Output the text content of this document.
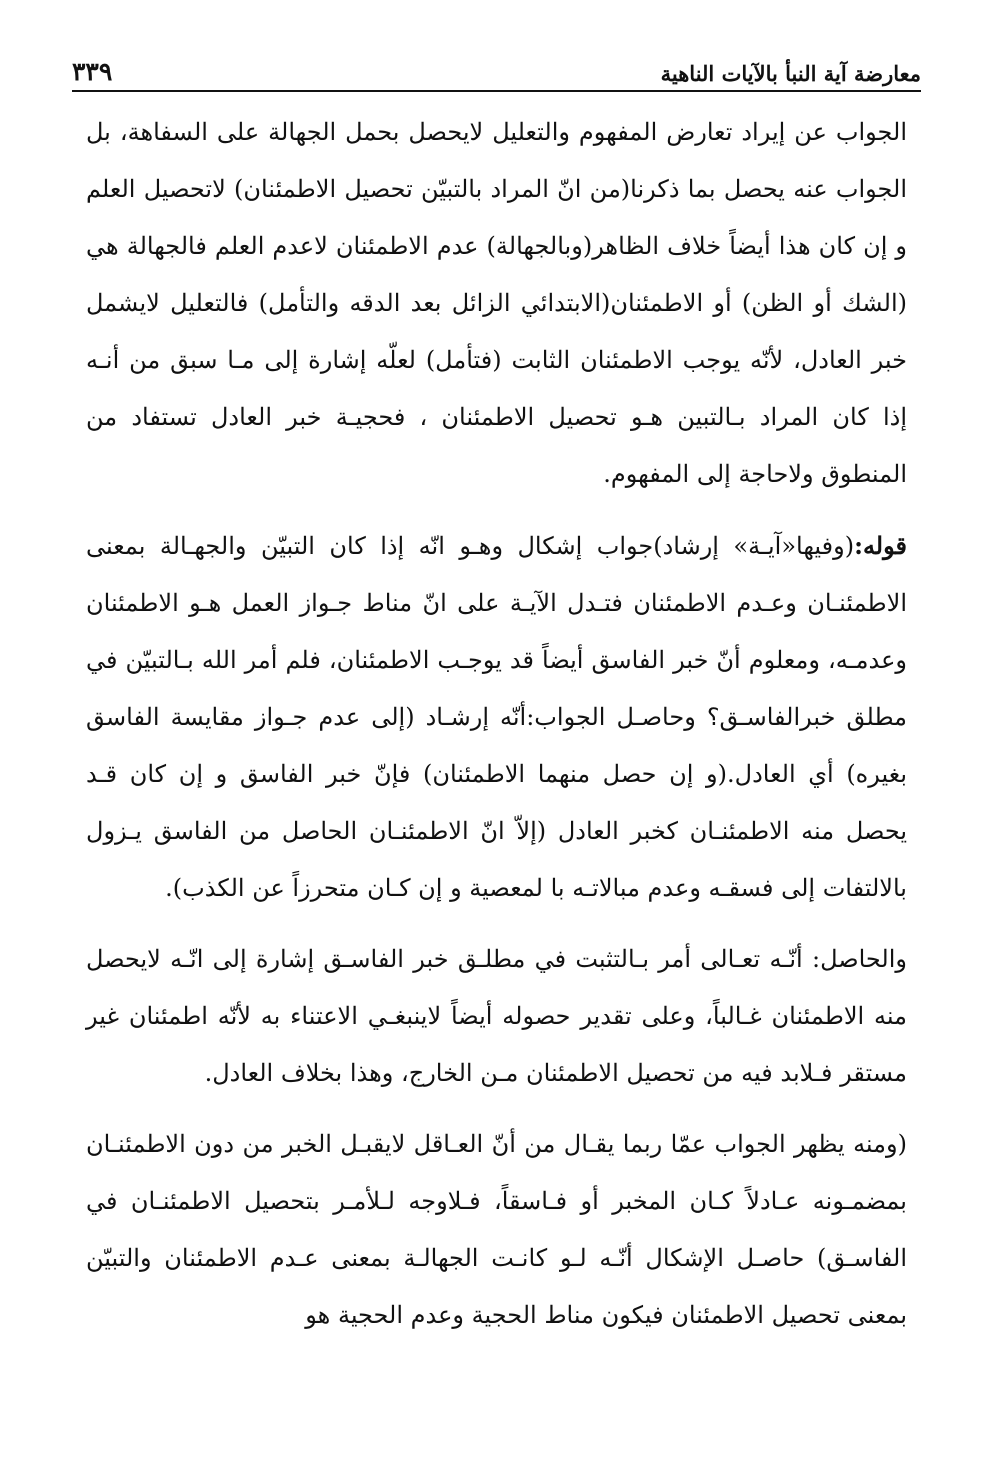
معارضة آية النبأ بالآيات الناهية
٣٣٩

الجواب عن إيراد تعارض المفهوم والتعليل لايحصل بحمل الجهالة على السفاهة، بل الجواب عنه يحصل بما ذكرنا(من انّ المراد بالتبيّن تحصيل الاطمئنان) لاتحصيل العلم و إن كان هذا أيضاً خلاف الظاهر(وبالجهالة) عدم الاطمئنان لاعدم العلم فالجهالة هي (الشك أو الظن) أو الاطمئنان(الابتدائي الزائل بعد الدقه والتأمل) فالتعليل لايشمل خبر العادل، لأنّه يوجب الاطمئنان الثابت (فتأمل) لعلّه إشارة إلى مـا سبق من أنـه إذا كان المراد بـالتبين هـو تحصيل الاطمئنان ، فحجيـة خبر العادل تستفاد من المنطوق ولاحاجة إلى المفهوم.

قوله:(وفيها«آيـة» إرشاد)جواب إشكال وهـو انّه إذا كان التبيّن والجهـالة بمعنى الاطمئنـان وعـدم الاطمئنان فتـدل الآيـة على انّ مناط جـواز العمل هـو الاطمئنان وعدمـه، ومعلوم أنّ خبر الفاسق أيضاً قد يوجـب الاطمئنان، فلم أمر الله بـالتبيّن في مطلق خبرالفاسـق؟ وحاصـل الجواب:أنّه إرشـاد (إلى عدم جـواز مقايسة الفاسق بغيره) أي العادل.(و إن حصل منهما الاطمئنان) فإنّ خبر الفاسق و إن كان قـد يحصل منه الاطمئنـان كخبر العادل (إلاّ انّ الاطمئنـان الحاصل من الفاسق يـزول بالالتفات إلى فسقـه وعدم مبالاتـه با لمعصية و إن كـان متحرزاً عن الكذب).

والحاصل: أنّـه تعـالى أمر بـالتثبت في مطلـق خبر الفاسـق إشارة إلى انّـه لايحصل منه الاطمئنان غـالباً، وعلى تقدير حصوله أيضاً لاينبغـي الاعتناء به لأنّه اطمئنان غير مستقر فـلابد فيه من تحصيل الاطمئنان مـن الخارج، وهذا بخلاف العادل.

(ومنه يظهر الجواب عمّا ربما يقـال من أنّ العـاقل لايقبـل الخبر من دون الاطمئنـان بمضمـونه عـادلاً كـان المخبر أو فـاسقاً، فـلاوجه لـلأمـر بتحصيل الاطمئنـان في الفاسـق) حاصـل الإشكال أنّـه لـو كانـت الجهالـة بمعنى عـدم الاطمئنان والتبيّن بمعنى تحصيل الاطمئنان فيكون مناط الحجية وعدم الحجية هو
